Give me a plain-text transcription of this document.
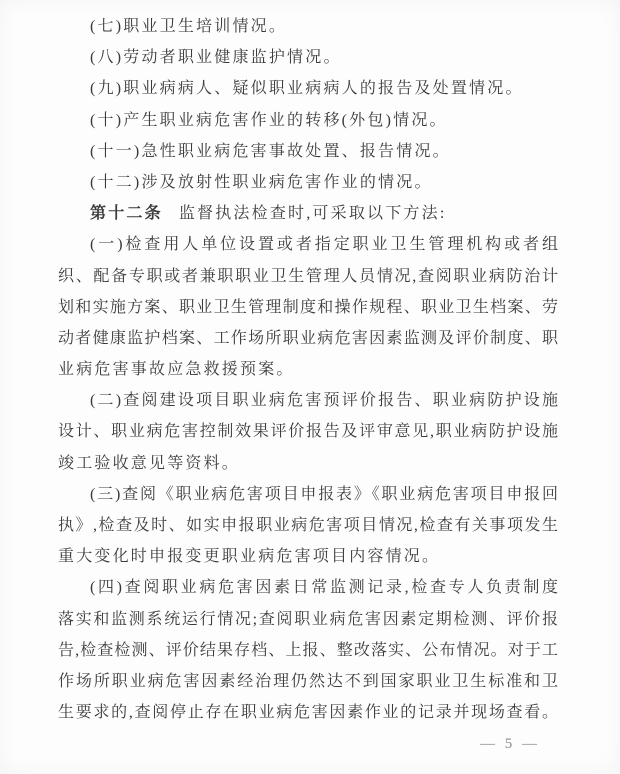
(七)职业卫生培训情况。
(八)劳动者职业健康监护情况。
(九)职业病病人、疑似职业病病人的报告及处置情况。
(十)产生职业病危害作业的转移(外包)情况。
(十一)急性职业病危害事故处置、报告情况。
(十二)涉及放射性职业病危害作业的情况。
第十二条 监督执法检查时,可采取以下方法:
(一)检查用人单位设置或者指定职业卫生管理机构或者组
织、配备专职或者兼职职业卫生管理人员情况,查阅职业病防治计
划和实施方案、职业卫生管理制度和操作规程、职业卫生档案、劳
动者健康监护档案、工作场所职业病危害因素监测及评价制度、职
业病危害事故应急救援预案。
(二)查阅建设项目职业病危害预评价报告、职业病防护设施
设计、职业病危害控制效果评价报告及评审意见,职业病防护设施
竣工验收意见等资料。
(三)查阅《职业病危害项目申报表》《职业病危害项目申报回
执》,检查及时、如实申报职业病危害项目情况,检查有关事项发生
重大变化时申报变更职业病危害项目内容情况。
(四)查阅职业病危害因素日常监测记录,检查专人负责制度
落实和监测系统运行情况;查阅职业病危害因素定期检测、评价报
告,检查检测、评价结果存档、上报、整改落实、公布情况。对于工
作场所职业病危害因素经治理仍然达不到国家职业卫生标准和卫
生要求的,查阅停止存在职业病危害因素作业的记录并现场查看。
— 5 —
